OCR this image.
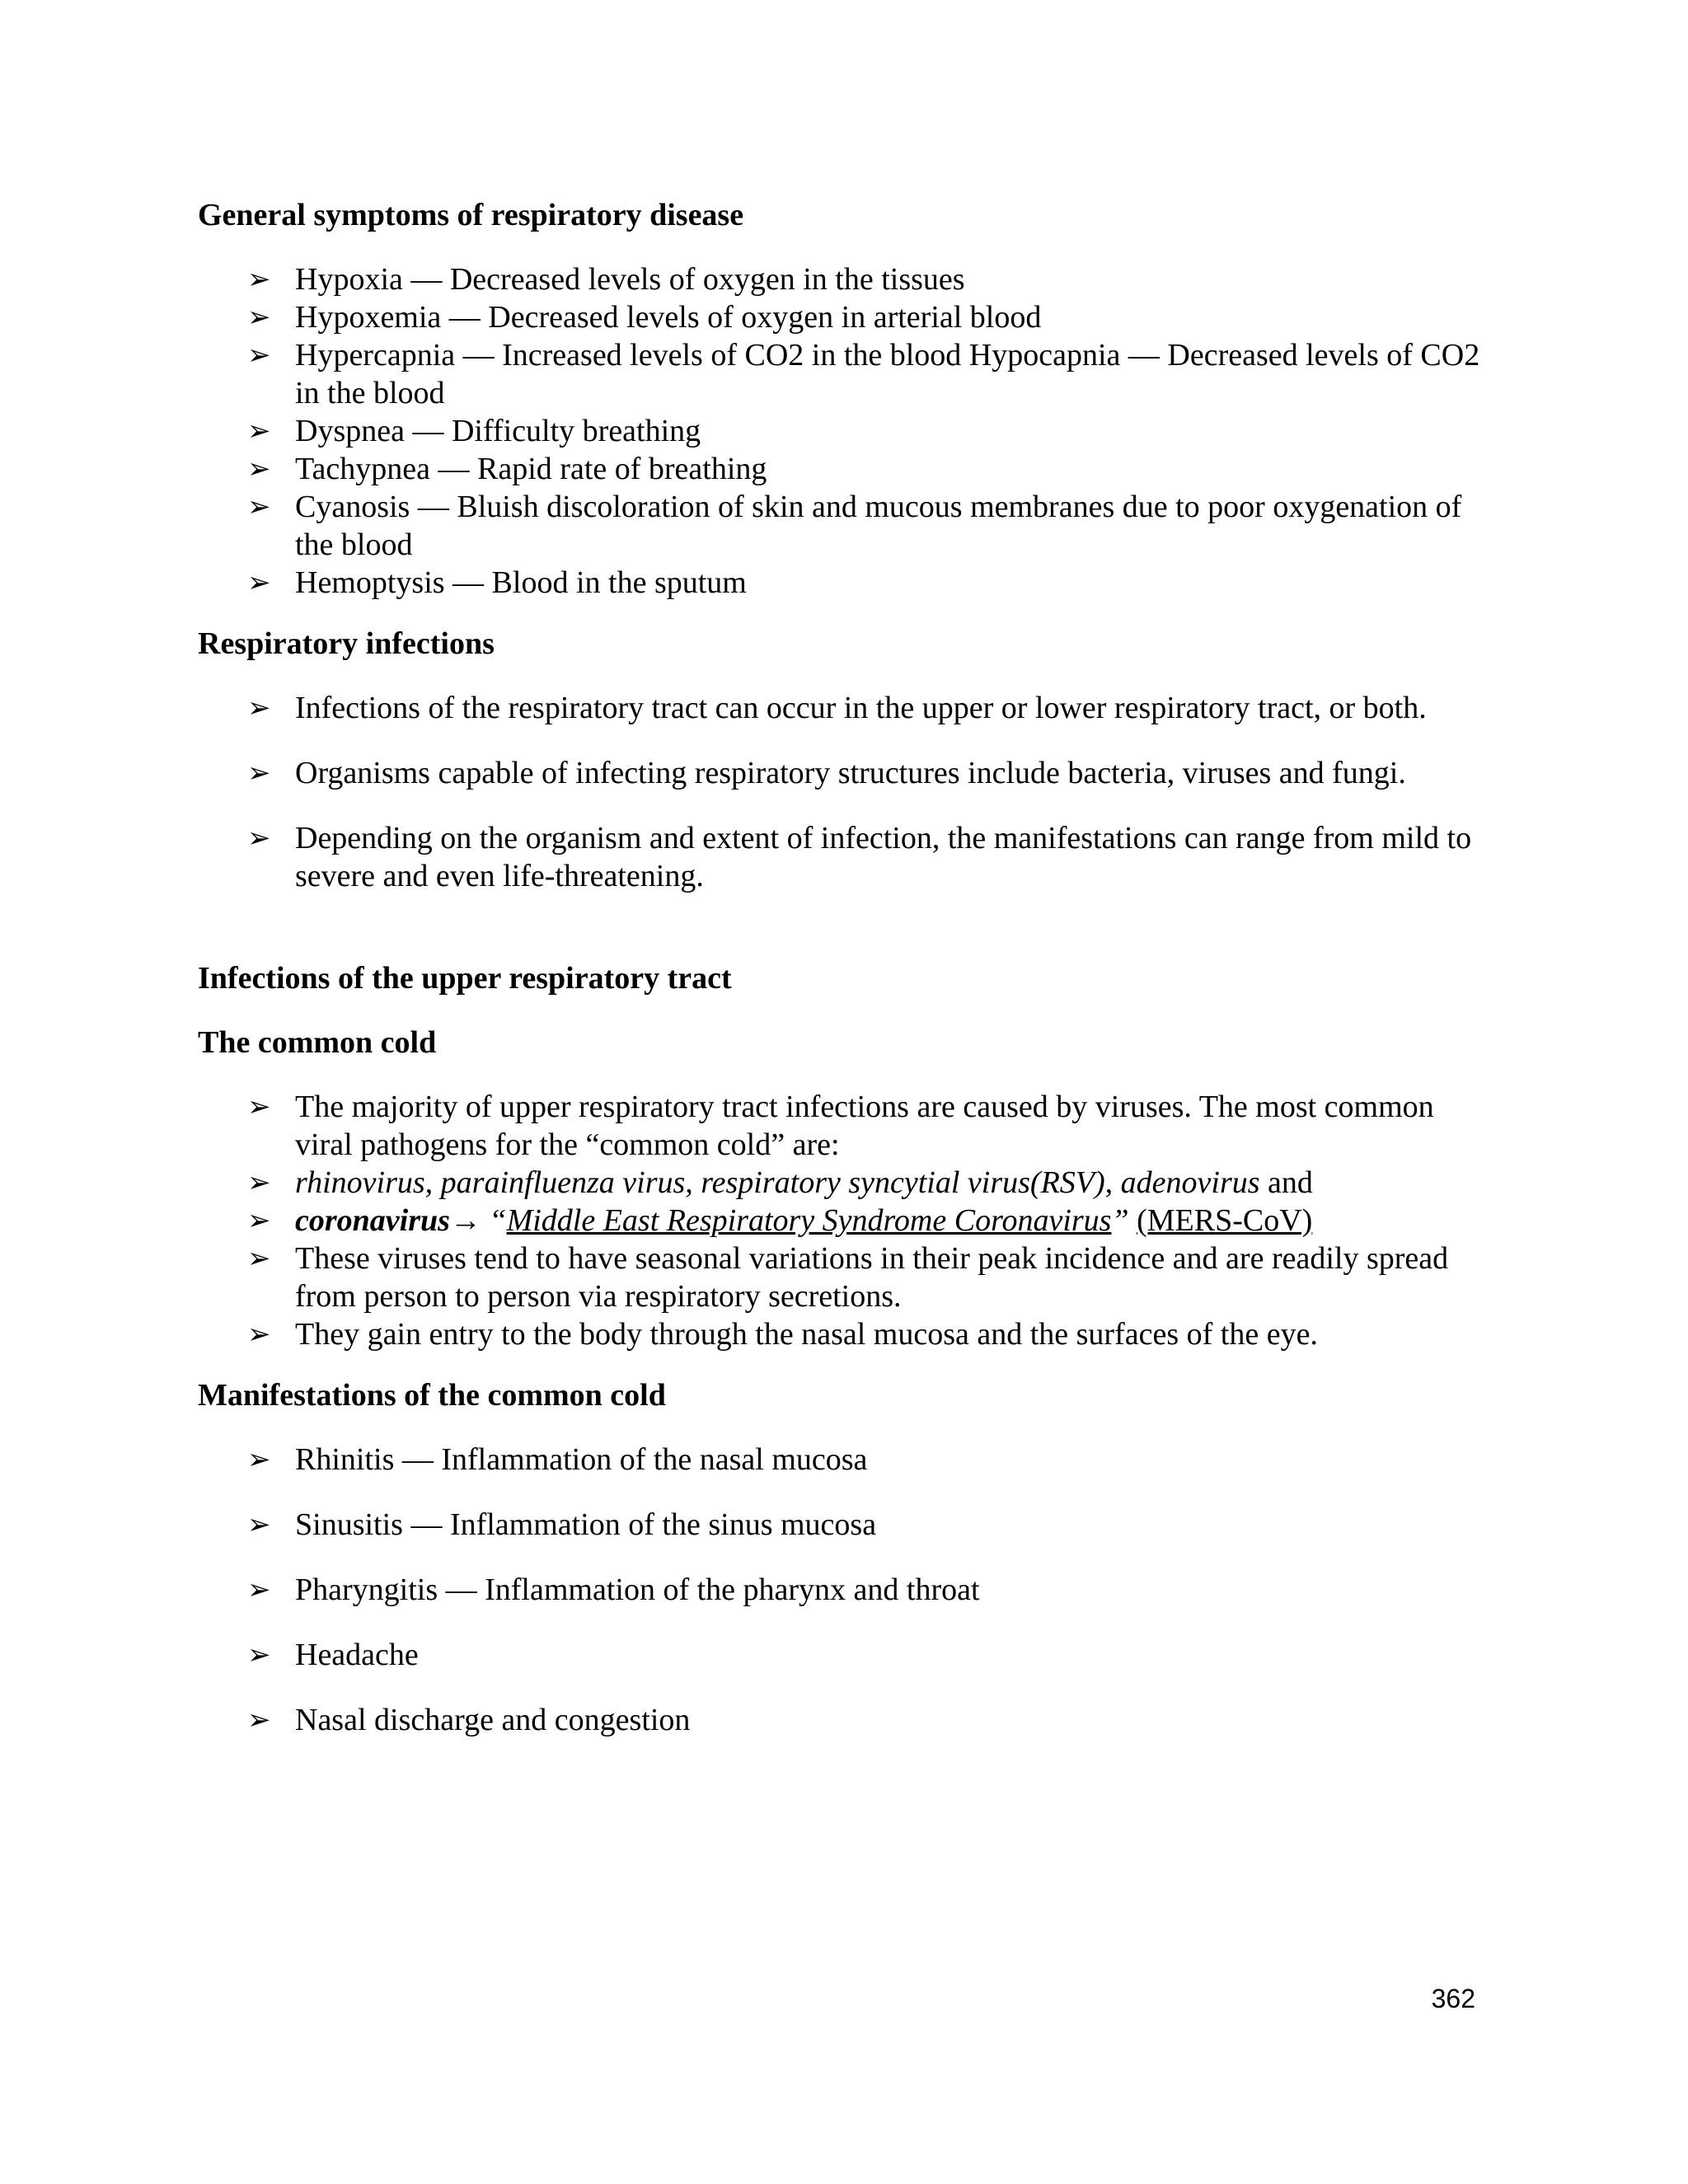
General symptoms of respiratory disease
➢ Hypoxia — Decreased levels of oxygen in the tissues
➢ Hypoxemia — Decreased levels of oxygen in arterial blood
➢ Hypercapnia — Increased levels of CO2 in the blood Hypocapnia — Decreased levels of CO2 in the blood
➢ Dyspnea — Difficulty breathing
➢ Tachypnea — Rapid rate of breathing
➢ Cyanosis — Bluish discoloration of skin and mucous membranes due to poor oxygenation of the blood
➢ Hemoptysis — Blood in the sputum
Respiratory infections
➢ Infections of the respiratory tract can occur in the upper or lower respiratory tract, or both.
➢ Organisms capable of infecting respiratory structures include bacteria, viruses and fungi.
➢ Depending on the organism and extent of infection, the manifestations can range from mild to severe and even life-threatening.
Infections of the upper respiratory tract
The common cold
➢ The majority of upper respiratory tract infections are caused by viruses. The most common viral pathogens for the “common cold” are:
➢ rhinovirus, parainfluenza virus, respiratory syncytial virus(RSV), adenovirus and
➢ coronavirus→ “Middle East Respiratory Syndrome Coronavirus” (MERS-CoV)
➢ These viruses tend to have seasonal variations in their peak incidence and are readily spread from person to person via respiratory secretions.
➢ They gain entry to the body through the nasal mucosa and the surfaces of the eye.
Manifestations of the common cold
➢ Rhinitis — Inflammation of the nasal mucosa
➢ Sinusitis — Inflammation of the sinus mucosa
➢ Pharyngitis — Inflammation of the pharynx and throat
➢ Headache
➢ Nasal discharge and congestion
362
